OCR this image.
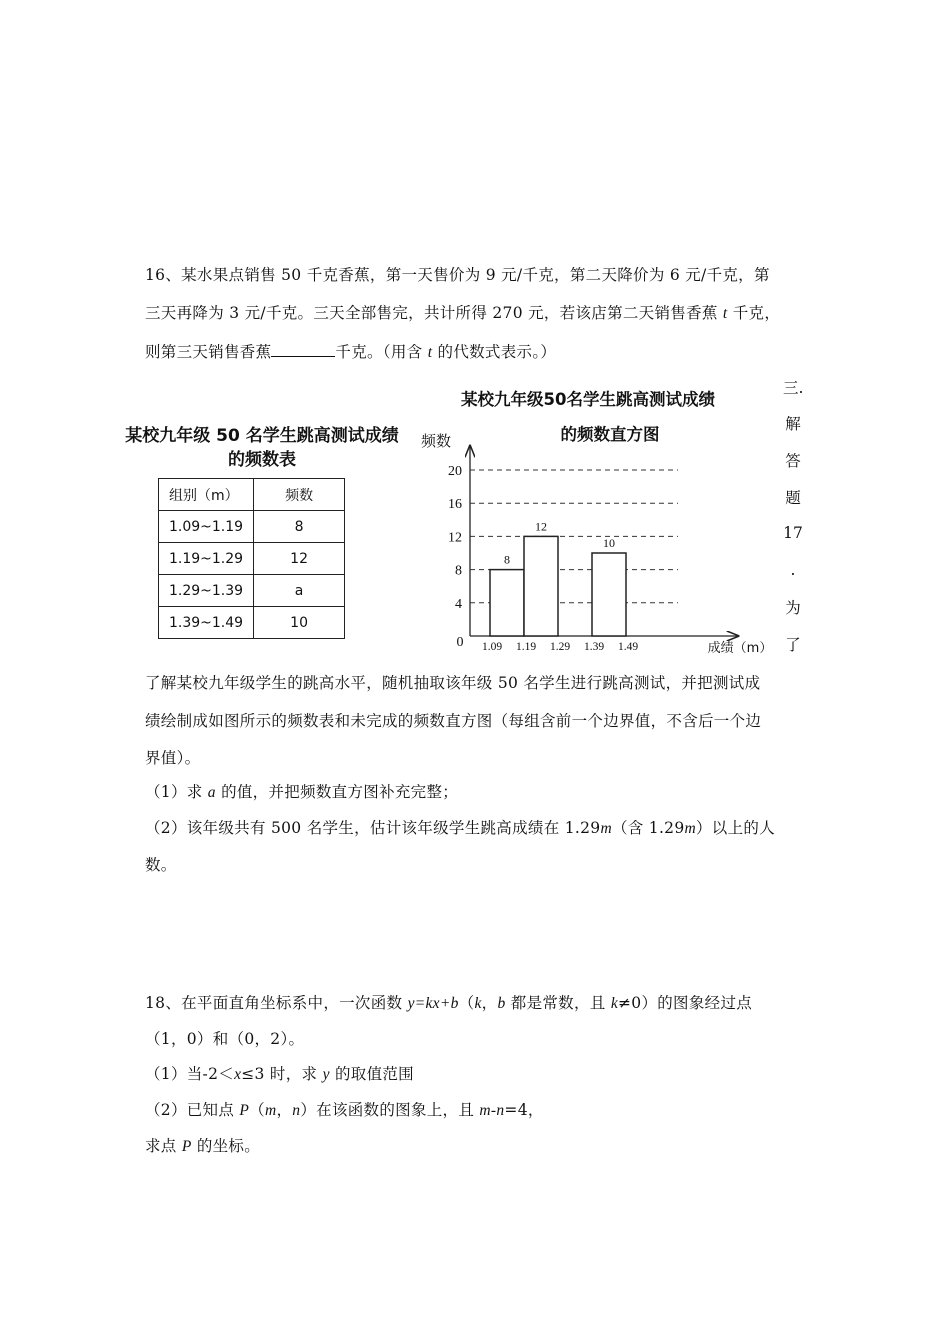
16、某水果点销售 50 千克香蕉，第一天售价为 9 元/千克，第二天降价为 6 元/千克，第
三天再降为 3 元/千克。三天全部售完，共计所得 270 元，若该店第二天销售香蕉 t 千克，
则第三天销售香蕉	千克。（用含 t 的代数式表示。）
三.
解
答
题
17
.
为
了
某校九年级 50 名学生跳高测试成绩
的频数表
组别（m）	频数
1.09~1.19	8
1.19~1.29	12
1.29~1.39	a
1.39~1.49	10
某校九年级50名学生跳高测试成绩
的频数直方图
频数
成绩（m）
0
4
8
12
16
20
8
12
10
1.09 1.19 1.29 1.39 1.49
了解某校九年级学生的跳高水平，随机抽取该年级 50 名学生进行跳高测试，并把测试成
绩绘制成如图所示的频数表和未完成的频数直方图（每组含前一个边界值，不含后一个边
界值）。
（1）求 a 的值，并把频数直方图补充完整；
（2）该年级共有 500 名学生，估计该年级学生跳高成绩在 1.29m（含 1.29m）以上的人
数。
18、在平面直角坐标系中，一次函数 y=kx+b（k，b 都是常数，且 k≠0）的图象经过点
（1，0）和（0，2）。
（1）当-2＜x≤3 时，求 y 的取值范围
（2）已知点 P（m，n）在该函数的图象上，且 m-n=4，
求点 P 的坐标。
